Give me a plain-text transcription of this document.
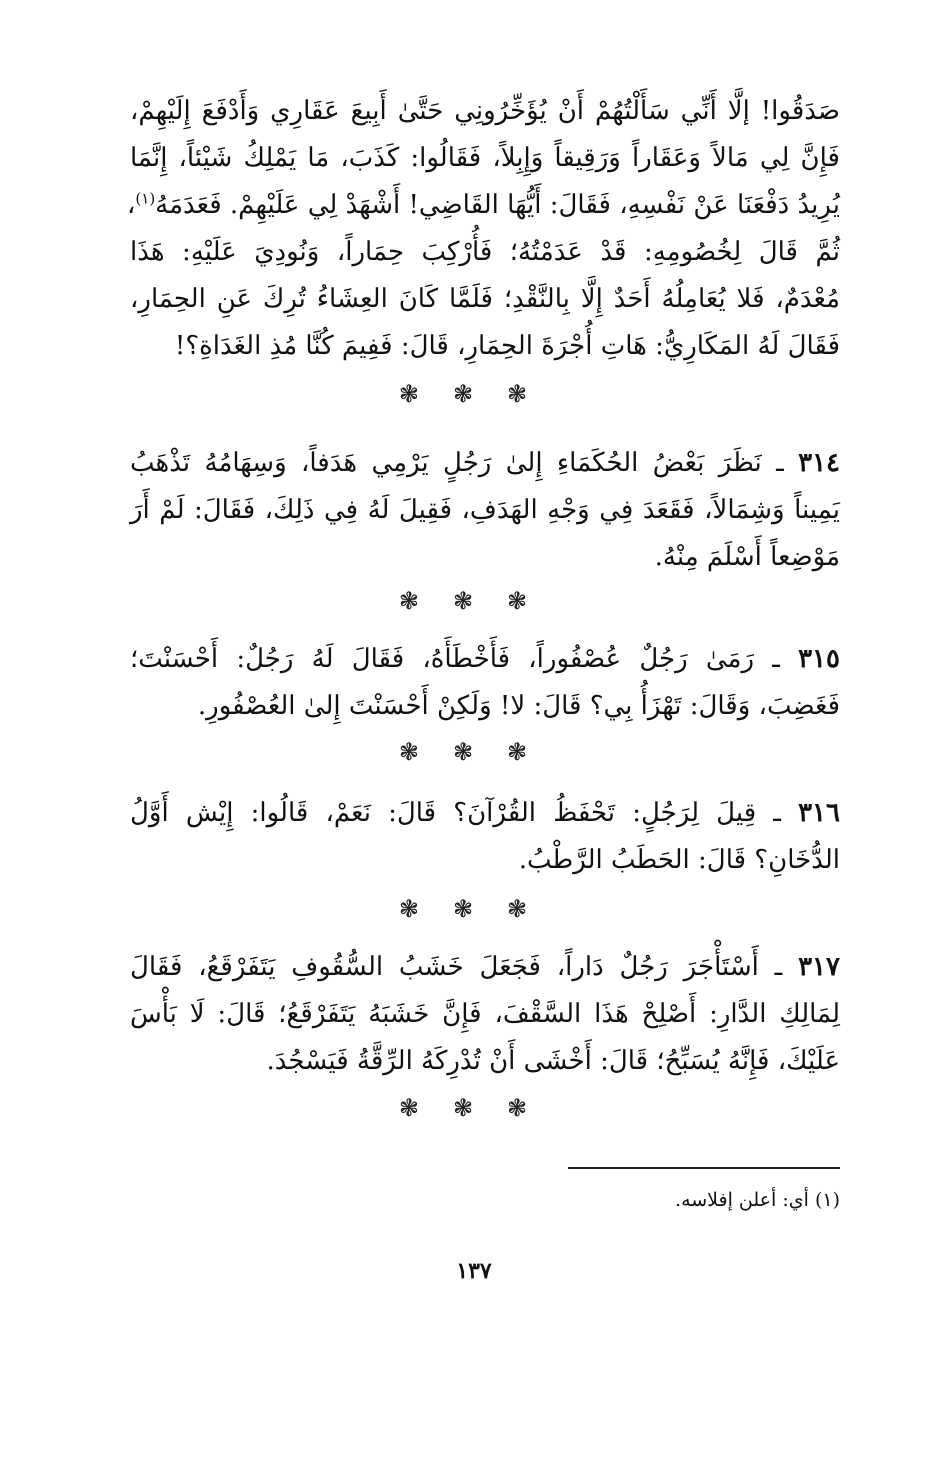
صَدَقُوا! إلَّا أَنِّي سَأَلْتُهُمْ أَنْ يُؤَخِّرُونِي حَتَّىٰ أَبِيعَ عَقَارِي وَأَدْفَعَ إِلَيْهِمْ،
فَإِنَّ لِي مَالاً وَعَقَاراً وَرَقِيقاً وَإِبِلاً، فَقَالُوا: كَذَبَ، مَا يَمْلِكُ شَيْئاً، إِنَّمَا
يُرِيدُ دَفْعَنَا عَنْ نَفْسِهِ، فَقَالَ: أَيُّهَا القَاضِي! أَشْهَدْ لِي عَلَيْهِمْ. فَعَدَمَهُ$^{(١)}$،
ثُمَّ قَالَ لِخُصُومِهِ: قَدْ عَدَمْتُهُ؛ فَأُرْكِبَ حِمَاراً، وَنُودِيَ عَلَيْهِ: هَذَا
مُعْدَمٌ، فَلا يُعَامِلُهُ أَحَدٌ إِلَّا بِالنَّقْدِ؛ فَلَمَّا كَانَ العِشَاءُ تُرِكَ عَنِ الحِمَارِ،
فَقَالَ لَهُ المَكَارِيُّ: هَاتِ أُجْرَةَ الحِمَارِ، قَالَ: فَفِيمَ كُنَّا مُذِ الغَدَاةِ؟!
❃ ❃ ❃
٣١٤ ـ نَظَرَ بَعْضُ الحُكَمَاءِ إِلىٰ رَجُلٍ يَرْمِي هَدَفاً، وَسِهَامُهُ تَذْهَبُ
يَمِيناً وَشِمَالاً، فَقَعَدَ فِي وَجْهِ الهَدَفِ، فَقِيلَ لَهُ فِي ذَلِكَ، فَقَالَ: لَمْ أَرَ
مَوْضِعاً أَسْلَمَ مِنْهُ.
❃ ❃ ❃
٣١٥ ـ رَمَىٰ رَجُلٌ عُصْفُوراً، فَأَخْطَأَهُ، فَقَالَ لَهُ رَجُلٌ: أَحْسَنْتَ؛
فَغَضِبَ، وَقَالَ: تَهْزَأُ بِي؟ قَالَ: لا! وَلَكِنْ أَحْسَنْتَ إِلىٰ العُصْفُورِ.
❃ ❃ ❃
٣١٦ ـ قِيلَ لِرَجُلٍ: تَحْفَظُ القُرْآنَ؟ قَالَ: نَعَمْ، قَالُوا: إِيْش أَوَّلُ
الدُّخَانِ؟ قَالَ: الحَطَبُ الرَّطْبُ.
❃ ❃ ❃
٣١٧ ـ أَسْتَأْجَرَ رَجُلٌ دَاراً، فَجَعَلَ خَشَبُ السُّقُوفِ يَتَفَرْقَعُ، فَقَالَ
لِمَالِكِ الدَّارِ: أَصْلِحْ هَذَا السَّقْفَ، فَإِنَّ خَشَبَهُ يَتَفَرْقَعُ؛ قَالَ: لَا بَأْسَ
عَلَيْكَ، فَإِنَّهُ يُسَبِّحُ؛ قَالَ: أَخْشَى أَنْ تُدْرِكَهُ الرِّقَّةُ فَيَسْجُدَ.
❃ ❃ ❃
(١) أي: أعلن إفلاسه.
١٣٧
